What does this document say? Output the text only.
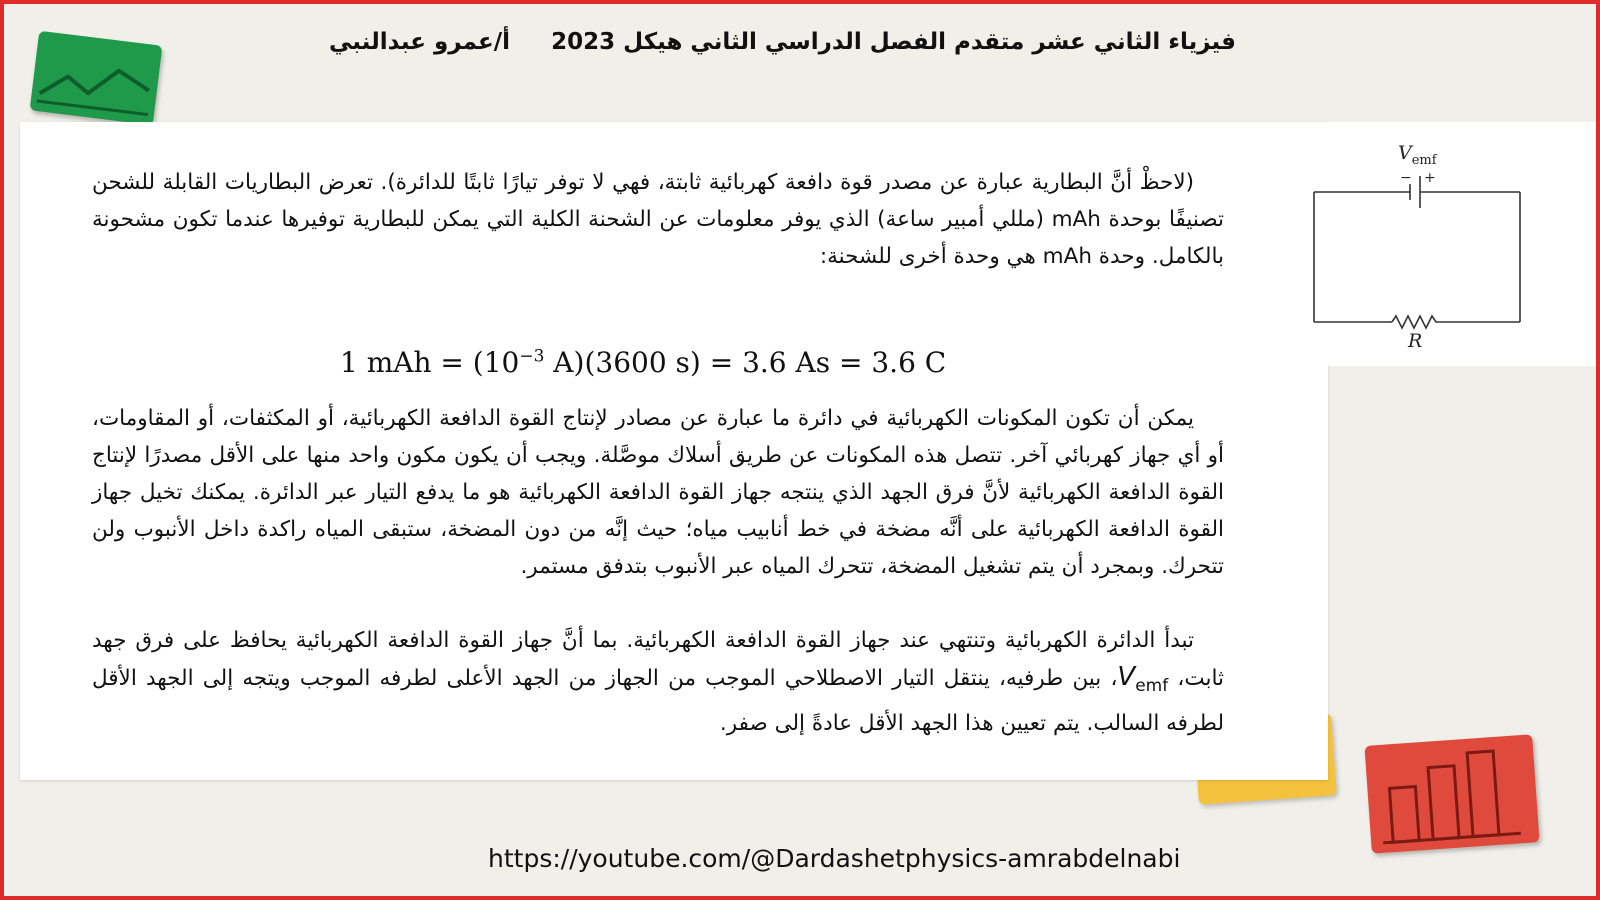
فيزياء الثاني عشر متقدم الفصل الدراسي الثاني هيكل 2023
أ/عمرو عبدالنبي
$V_{emf}$
− +
R
(لاحظْ أنَّ البطارية عبارة عن مصدر قوة دافعة كهربائية ثابتة، فهي لا توفر تيارًا ثابتًا للدائرة). تعرض البطاريات القابلة للشحن تصنيفًا بوحدة mAh (مللي أمبير ساعة) الذي يوفر معلومات عن الشحنة الكلية التي يمكن للبطارية توفيرها عندما تكون مشحونة بالكامل. وحدة mAh هي وحدة أخرى للشحنة:
1 mAh = ($10^{-3}$ A)(3600 s) = 3.6 As = 3.6 C
يمكن أن تكون المكونات الكهربائية في دائرة ما عبارة عن مصادر لإنتاج القوة الدافعة الكهربائية، أو المكثفات، أو المقاومات، أو أي جهاز كهربائي آخر. تتصل هذه المكونات عن طريق أسلاك موصَّلة. ويجب أن يكون مكون واحد منها على الأقل مصدرًا لإنتاج القوة الدافعة الكهربائية لأنَّ فرق الجهد الذي ينتجه جهاز القوة الدافعة الكهربائية هو ما يدفع التيار عبر الدائرة. يمكنك تخيل جهاز القوة الدافعة الكهربائية على أنَّه مضخة في خط أنابيب مياه؛ حيث إنَّه من دون المضخة، ستبقى المياه راكدة داخل الأنبوب ولن تتحرك. وبمجرد أن يتم تشغيل المضخة، تتحرك المياه عبر الأنبوب بتدفق مستمر.
تبدأ الدائرة الكهربائية وتنتهي عند جهاز القوة الدافعة الكهربائية. بما أنَّ جهاز القوة الدافعة الكهربائية يحافظ على فرق جهد ثابت، $V_{emf}،$ بين طرفيه، ينتقل التيار الاصطلاحي الموجب من الجهاز من الجهد الأعلى لطرفه الموجب ويتجه إلى الجهد الأقل لطرفه السالب. يتم تعيين هذا الجهد الأقل عادةً إلى صفر.
https://youtube.com/@Dardashetphysics-amrabdelnabi
